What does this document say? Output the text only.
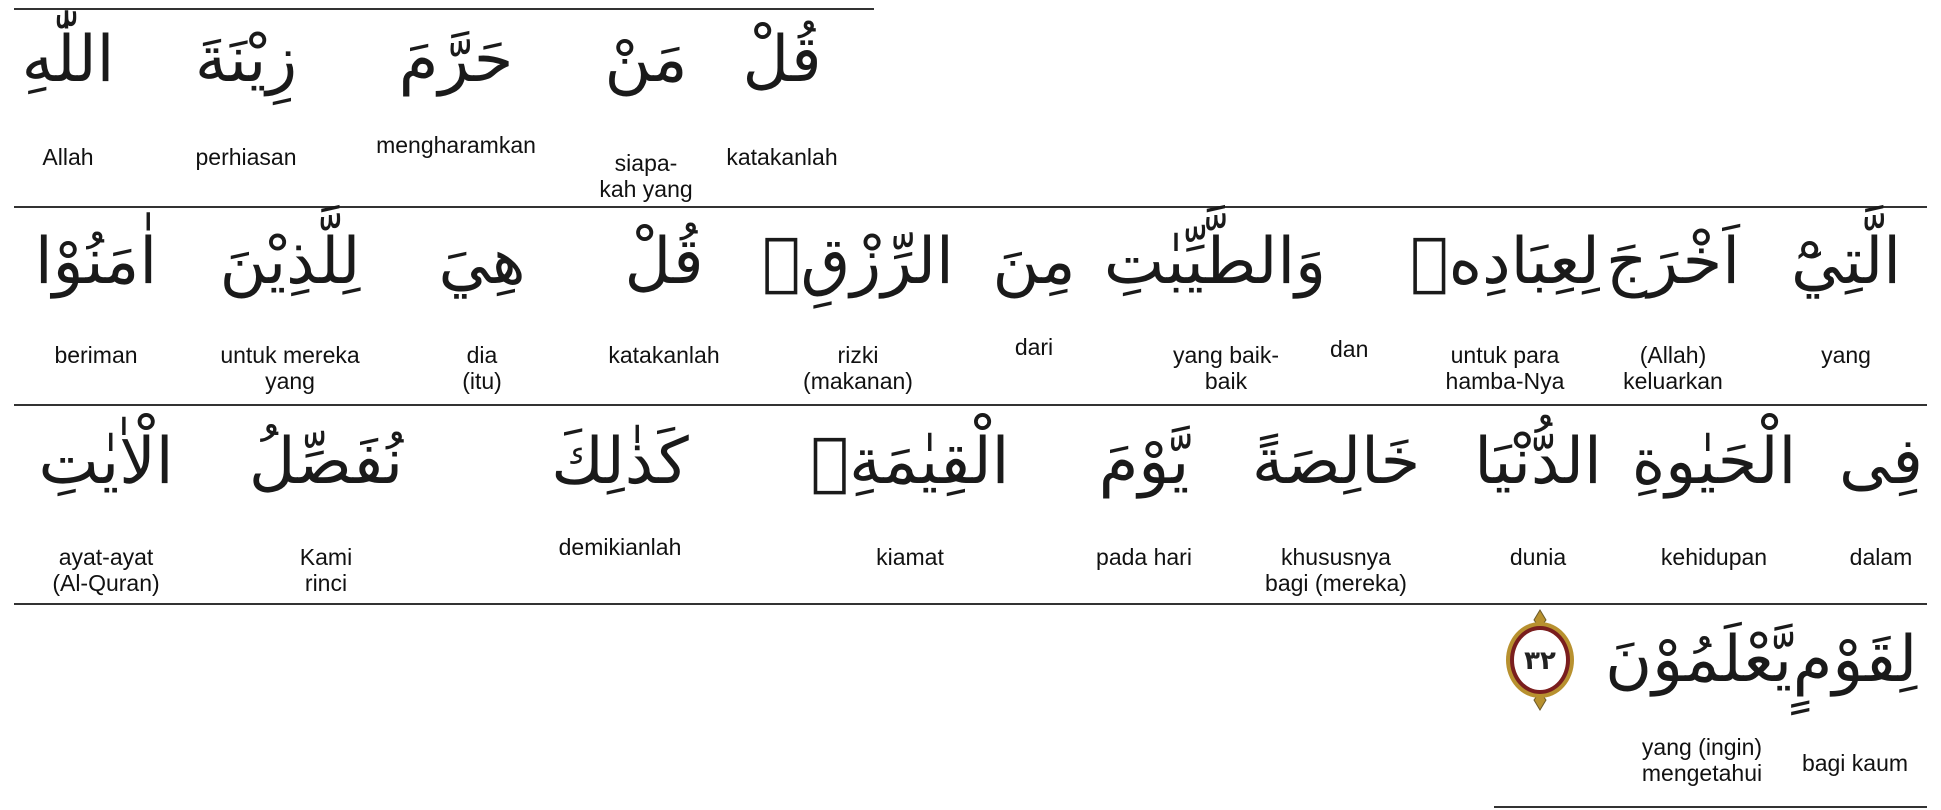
قُلْ
katakanlah
مَنْ
siapa-
kah yang
حَرَّمَ
mengharamkan
زِيْنَةَ
perhiasan
اللّٰهِ
Allah
الَّتِيْٓ
yang
اَخْرَجَ
(Allah)
keluarkan
لِعِبَادِهٖ
untuk para
hamba-Nya
وَالطَّيِّبٰتِ
yang baik-
baik
dan
مِنَ
dari
الرِّزْقِۗ
rizki
(makanan)
قُلْ
katakanlah
هِيَ
dia
(itu)
لِلَّذِيْنَ
untuk mereka
yang
اٰمَنُوْا
beriman
فِى
dalam
الْحَيٰوةِ
kehidupan
الدُّنْيَا
dunia
خَالِصَةً
khususnya
bagi (mereka)
يَّوْمَ
pada hari
الْقِيٰمَةِۗ
kiamat
كَذٰلِكَ
demikianlah
نُفَصِّلُ
Kami
rinci
الْاٰيٰتِ
ayat-ayat
(Al-Quran)
لِقَوْمٍ
bagi kaum
يَّعْلَمُوْنَ
yang (ingin)
mengetahui
٣٢
